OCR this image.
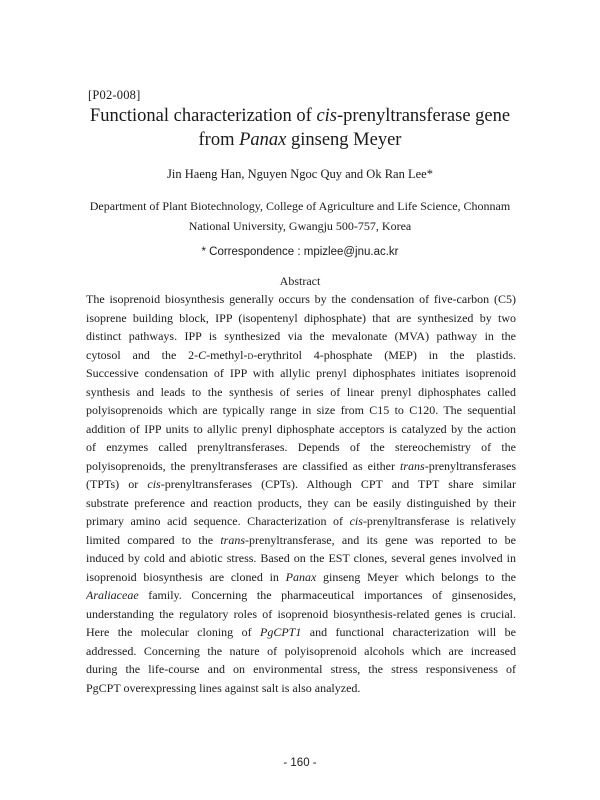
[P02-008]
Functional characterization of cis-prenyltransferase gene
from Panax ginseng Meyer
Jin Haeng Han, Nguyen Ngoc Quy and Ok Ran Lee*
Department of Plant Biotechnology, College of Agriculture and Life Science, Chonnam
National University, Gwangju 500-757, Korea
* Correspondence : mpizlee@jnu.ac.kr
Abstract
The isoprenoid biosynthesis generally occurs by the condensation of five-carbon (C5)
isoprene building block, IPP (isopentenyl diphosphate) that are synthesized by two
distinct pathways. IPP is synthesized via the mevalonate (MVA) pathway in the
cytosol and the 2-C-methyl-D-erythritol 4-phosphate (MEP) in the plastids.
Successive condensation of IPP with allylic prenyl diphosphates initiates isoprenoid
synthesis and leads to the synthesis of series of linear prenyl diphosphates called
polyisoprenoids which are typically range in size from C15 to C120. The sequential
addition of IPP units to allylic prenyl diphosphate acceptors is catalyzed by the action
of enzymes called prenyltransferases. Depends of the stereochemistry of the
polyisoprenoids, the prenyltransferases are classified as either trans-prenyltransferases
(TPTs) or cis-prenyltransferases (CPTs). Although CPT and TPT share similar
substrate preference and reaction products, they can be easily distinguished by their
primary amino acid sequence. Characterization of cis-prenyltransferase is relatively
limited compared to the trans-prenyltransferase, and its gene was reported to be
induced by cold and abiotic stress. Based on the EST clones, several genes involved in
isoprenoid biosynthesis are cloned in Panax ginseng Meyer which belongs to the
Araliaceae family. Concerning the pharmaceutical importances of ginsenosides,
understanding the regulatory roles of isoprenoid biosynthesis-related genes is crucial.
Here the molecular cloning of PgCPT1 and functional characterization will be
addressed. Concerning the nature of polyisoprenoid alcohols which are increased
during the life-course and on environmental stress, the stress responsiveness of
PgCPT overexpressing lines against salt is also analyzed.
- 160 -
